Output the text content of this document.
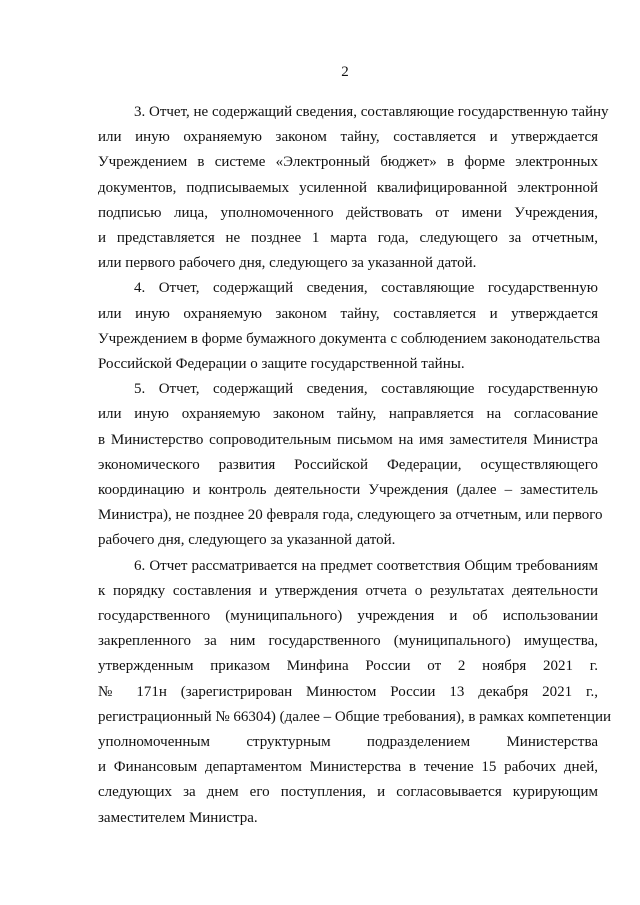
2

3. Отчет, не содержащий сведения, составляющие государственную тайну
или иную охраняемую законом тайну, составляется и утверждается
Учреждением в системе «Электронный бюджет» в форме электронных
документов, подписываемых усиленной квалифицированной электронной
подписью лица, уполномоченного действовать от имени Учреждения,
и представляется не позднее 1 марта года, следующего за отчетным,
или первого рабочего дня, следующего за указанной датой.

4. Отчет, содержащий сведения, составляющие государственную
или иную охраняемую законом тайну, составляется и утверждается
Учреждением в форме бумажного документа с соблюдением законодательства
Российской Федерации о защите государственной тайны.

5. Отчет, содержащий сведения, составляющие государственную
или иную охраняемую законом тайну, направляется на согласование
в Министерство сопроводительным письмом на имя заместителя Министра
экономического развития Российской Федерации, осуществляющего
координацию и контроль деятельности Учреждения (далее – заместитель
Министра), не позднее 20 февраля года, следующего за отчетным, или первого
рабочего дня, следующего за указанной датой.

6. Отчет рассматривается на предмет соответствия Общим требованиям
к порядку составления и утверждения отчета о результатах деятельности
государственного (муниципального) учреждения и об использовании
закрепленного за ним государственного (муниципального) имущества,
утвержденным приказом Минфина России от 2 ноября 2021 г.
№ 171н (зарегистрирован Минюстом России 13 декабря 2021 г.,
регистрационный № 66304) (далее – Общие требования), в рамках компетенции
уполномоченным структурным подразделением Министерства
и Финансовым департаментом Министерства в течение 15 рабочих дней,
следующих за днем его поступления, и согласовывается курирующим
заместителем Министра.
